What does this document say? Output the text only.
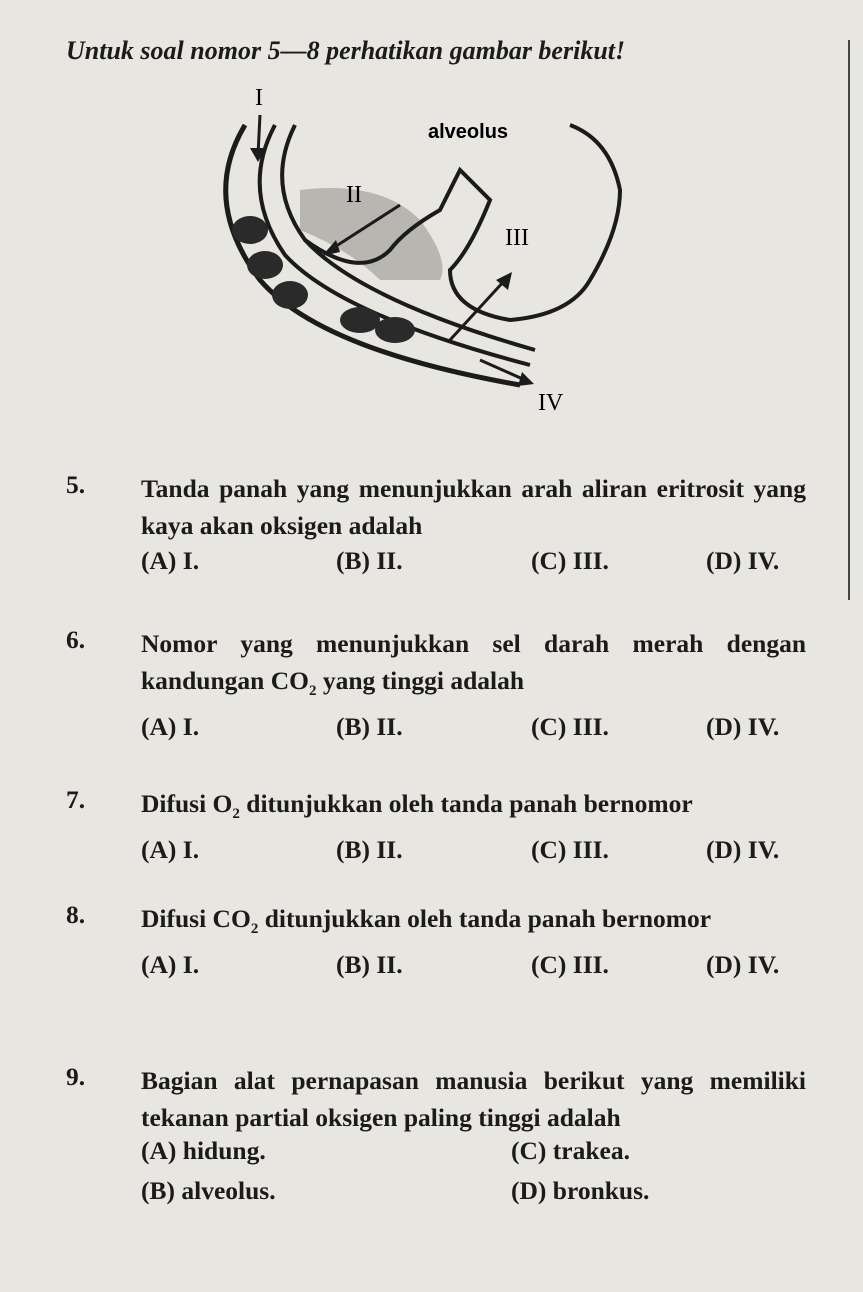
Untuk soal nomor 5—8 perhatikan gambar berikut!
I
alveolus
II
III
IV
5. Tanda panah yang menunjukkan arah aliran eritrosit yang kaya akan oksigen adalah
(A) I.	(B) II.	(C) III.	(D) IV.
6. Nomor yang menunjukkan sel darah merah dengan kandungan $CO_2$ yang tinggi adalah
(A) I.	(B) II.	(C) III.	(D) IV.
7. Difusi $O_2$ ditunjukkan oleh tanda panah bernomor
(A) I.	(B) II.	(C) III.	(D) IV.
8. Difusi $CO_2$ ditunjukkan oleh tanda panah bernomor
(A) I.	(B) II.	(C) III.	(D) IV.
9. Bagian alat pernapasan manusia berikut yang memiliki tekanan partial oksigen paling tinggi adalah
(A) hidung.	(C) trakea.
(B) alveolus.	(D) bronkus.
